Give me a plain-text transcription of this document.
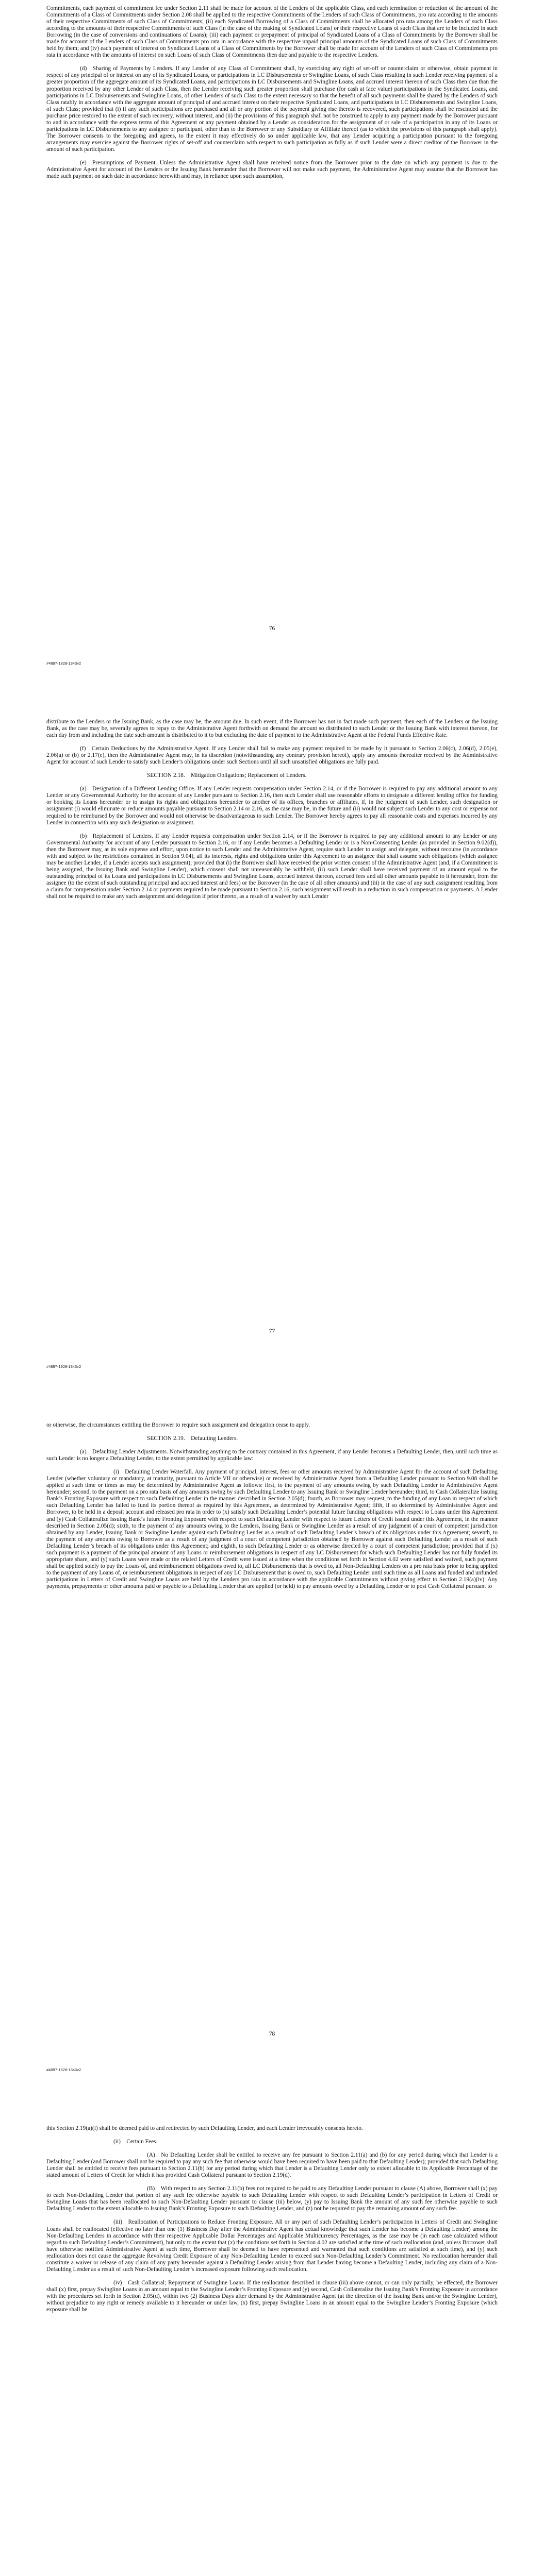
Commitments, each payment of commitment fee under Section 2.11 shall be made for account of the Lenders of the applicable Class, and each termination or reduction of the amount of the Commitments of a Class of Commitments under Section 2.08 shall be applied to the respective Commitments of the Lenders of such Class of Commitments, pro rata according to the amounts of their respective Commitments of such Class of Commitments; (ii) each Syndicated Borrowing of a Class of Commitments shall be allocated pro rata among the Lenders of such Class according to the amounts of their respective Commitments of such Class (in the case of the making of Syndicated Loans) or their respective Loans of such Class that are to be included in such Borrowing (in the case of conversions and continuations of Loans); (iii) each payment or prepayment of principal of Syndicated Loans of a Class of Commitments by the Borrower shall be made for account of the Lenders of such Class of Commitments pro rata in accordance with the respective unpaid principal amounts of the Syndicated Loans of such Class of Commitments held by them; and (iv) each payment of interest on Syndicated Loans of a Class of Commitments by the Borrower shall be made for account of the Lenders of such Class of Commitments pro rata in accordance with the amounts of interest on such Loans of such Class of Commitments then due and payable to the respective Lenders.

(d) Sharing of Payments by Lenders. If any Lender of any Class of Commitment shall, by exercising any right of set-off or counterclaim or otherwise, obtain payment in respect of any principal of or interest on any of its Syndicated Loans, or participations in LC Disbursements or Swingline Loans, of such Class resulting in such Lender receiving payment of a greater proportion of the aggregate amount of its Syndicated Loans, and participations in LC Disbursements and Swingline Loans, and accrued interest thereon of such Class then due than the proportion received by any other Lender of such Class, then the Lender receiving such greater proportion shall purchase (for cash at face value) participations in the Syndicated Loans, and participations in LC Disbursements and Swingline Loans, of other Lenders of such Class to the extent necessary so that the benefit of all such payments shall be shared by the Lenders of such Class ratably in accordance with the aggregate amount of principal of and accrued interest on their respective Syndicated Loans, and participations in LC Disbursements and Swingline Loans, of such Class; provided that (i) if any such participations are purchased and all or any portion of the payment giving rise thereto is recovered, such participations shall be rescinded and the purchase price restored to the extent of such recovery, without interest, and (ii) the provisions of this paragraph shall not be construed to apply to any payment made by the Borrower pursuant to and in accordance with the express terms of this Agreement or any payment obtained by a Lender as consideration for the assignment of or sale of a participation in any of its Loans or participations in LC Disbursements to any assignee or participant, other than to the Borrower or any Subsidiary or Affiliate thereof (as to which the provisions of this paragraph shall apply). The Borrower consents to the foregoing and agrees, to the extent it may effectively do so under applicable law, that any Lender acquiring a participation pursuant to the foregoing arrangements may exercise against the Borrower rights of set-off and counterclaim with respect to such participation as fully as if such Lender were a direct creditor of the Borrower in the amount of such participation.

(e) Presumptions of Payment. Unless the Administrative Agent shall have received notice from the Borrower prior to the date on which any payment is due to the Administrative Agent for account of the Lenders or the Issuing Bank hereunder that the Borrower will not make such payment, the Administrative Agent may assume that the Borrower has made such payment on such date in accordance herewith and may, in reliance upon such assumption,

76
#4897-1928-1343v2

distribute to the Lenders or the Issuing Bank, as the case may be, the amount due. In such event, if the Borrower has not in fact made such payment, then each of the Lenders or the Issuing Bank, as the case may be, severally agrees to repay to the Administrative Agent forthwith on demand the amount so distributed to such Lender or the Issuing Bank with interest thereon, for each day from and including the date such amount is distributed to it to but excluding the date of payment to the Administrative Agent at the Federal Funds Effective Rate.

(f) Certain Deductions by the Administrative Agent. If any Lender shall fail to make any payment required to be made by it pursuant to Section 2.06(c), 2.06(d), 2.05(e), 2.06(a) or (b) or 2.17(e), then the Administrative Agent may, in its discretion (notwithstanding any contrary provision hereof), apply any amounts thereafter received by the Administrative Agent for account of such Lender to satisfy such Lender’s obligations under such Sections until all such unsatisfied obligations are fully paid.

SECTION 2.18. Mitigation Obligations; Replacement of Lenders.

(a) Designation of a Different Lending Office. If any Lender requests compensation under Section 2.14, or if the Borrower is required to pay any additional amount to any Lender or any Governmental Authority for the account of any Lender pursuant to Section 2.16, then such Lender shall use reasonable efforts to designate a different lending office for funding or booking its Loans hereunder or to assign its rights and obligations hereunder to another of its offices, branches or affiliates, if, in the judgment of such Lender, such designation or assignment (i) would eliminate or reduce amounts payable pursuant to Section 2.14 or 2.16, as the case may be, in the future and (ii) would not subject such Lender to any cost or expense not required to be reimbursed by the Borrower and would not otherwise be disadvantageous to such Lender. The Borrower hereby agrees to pay all reasonable costs and expenses incurred by any Lender in connection with any such designation or assignment.

(b) Replacement of Lenders. If any Lender requests compensation under Section 2.14, or if the Borrower is required to pay any additional amount to any Lender or any Governmental Authority for account of any Lender pursuant to Section 2.16, or if any Lender becomes a Defaulting Lender or is a Non-Consenting Lender (as provided in Section 9.02(d)), then the Borrower may, at its sole expense and effort, upon notice to such Lender and the Administrative Agent, require such Lender to assign and delegate, without recourse (in accordance with and subject to the restrictions contained in Section 9.04), all its interests, rights and obligations under this Agreement to an assignee that shall assume such obligations (which assignee may be another Lender, if a Lender accepts such assignment); provided that (i) the Borrower shall have received the prior written consent of the Administrative Agent (and, if a Commitment is being assigned, the Issuing Bank and Swingline Lender), which consent shall not unreasonably be withheld, (ii) such Lender shall have received payment of an amount equal to the outstanding principal of its Loans and participations in LC Disbursements and Swingline Loans, accrued interest thereon, accrued fees and all other amounts payable to it hereunder, from the assignee (to the extent of such outstanding principal and accrued interest and fees) or the Borrower (in the case of all other amounts) and (iii) in the case of any such assignment resulting from a claim for compensation under Section 2.14 or payments required to be made pursuant to Section 2.16, such assignment will result in a reduction in such compensation or payments. A Lender shall not be required to make any such assignment and delegation if prior thereto, as a result of a waiver by such Lender

77
#4897-1928-1343v2

or otherwise, the circumstances entitling the Borrower to require such assignment and delegation cease to apply.

SECTION 2.19. Defaulting Lenders.

(a) Defaulting Lender Adjustments. Notwithstanding anything to the contrary contained in this Agreement, if any Lender becomes a Defaulting Lender, then, until such time as such Lender is no longer a Defaulting Lender, to the extent permitted by applicable law:

(i) Defaulting Lender Waterfall. Any payment of principal, interest, fees or other amounts received by Administrative Agent for the account of such Defaulting Lender (whether voluntary or mandatory, at maturity, pursuant to Article VII or otherwise) or received by Administrative Agent from a Defaulting Lender pursuant to Section 9.08 shall be applied at such time or times as may be determined by Administrative Agent as follows: first, to the payment of any amounts owing by such Defaulting Lender to Administrative Agent hereunder; second, to the payment on a pro rata basis of any amounts owing by such Defaulting Lender to any Issuing Bank or Swingline Lender hereunder; third, to Cash Collateralize Issuing Bank’s Fronting Exposure with respect to such Defaulting Lender in the manner described in Section 2.05(d); fourth, as Borrower may request, to the funding of any Loan in respect of which such Defaulting Lender has failed to fund its portion thereof as required by this Agreement, as determined by Administrative Agent; fifth, if so determined by Administrative Agent and Borrower, to be held in a deposit account and released pro rata in order to (x) satisfy such Defaulting Lender’s potential future funding obligations with respect to Loans under this Agreement and (y) Cash Collateralize Issuing Bank’s future Fronting Exposure with respect to such Defaulting Lender with respect to future Letters of Credit issued under this Agreement, in the manner described in Section 2.05(d); sixth, to the payment of any amounts owing to the Lenders, Issuing Bank or Swingline Lender as a result of any judgment of a court of competent jurisdiction obtained by any Lender, Issuing Bank or Swingline Lender against such Defaulting Lender as a result of such Defaulting Lender’s breach of its obligations under this Agreement; seventh, to the payment of any amounts owing to Borrower as a result of any judgment of a court of competent jurisdiction obtained by Borrower against such Defaulting Lender as a result of such Defaulting Lender’s breach of its obligations under this Agreement; and eighth, to such Defaulting Lender or as otherwise directed by a court of competent jurisdiction; provided that if (x) such payment is a payment of the principal amount of any Loans or reimbursement obligations in respect of any LC Disbursement for which such Defaulting Lender has not fully funded its appropriate share, and (y) such Loans were made or the related Letters of Credit were issued at a time when the conditions set forth in Section 4.02 were satisfied and waived, such payment shall be applied solely to pay the Loans of, and reimbursement obligations owed to, all LC Disbursements that is owed to, all Non-Defaulting Lenders on a pro rata basis prior to being applied to the payment of any Loans of, or reimbursement obligations in respect of any LC Disbursement that is owed to, such Defaulting Lender until such time as all Loans and funded and unfunded participations in Letters of Credit and Swingline Loans are held by the Lenders pro rata in accordance with the applicable Commitments without giving effect to Section 2.19(a)(iv). Any payments, prepayments or other amounts paid or payable to a Defaulting Lender that are applied (or held) to pay amounts owed by a Defaulting Lender or to post Cash Collateral pursuant to

78
#4897-1928-1343v2

this Section 2.19(a)(i) shall be deemed paid to and redirected by such Defaulting Lender, and each Lender irrevocably consents hereto.

(ii) Certain Fees.

(A) No Defaulting Lender shall be entitled to receive any fee pursuant to Section 2.11(a) and (b) for any period during which that Lender is a Defaulting Lender (and Borrower shall not be required to pay any such fee that otherwise would have been required to have been paid to that Defaulting Lender); provided that such Defaulting Lender shall be entitled to receive fees pursuant to Section 2.11(b) for any period during which that Lender is a Defaulting Lender only to extent allocable to its Applicable Percentage of the stated amount of Letters of Credit for which it has provided Cash Collateral pursuant to Section 2.19(d).

(B) With respect to any Section 2.11(b) fees not required to be paid to any Defaulting Lender pursuant to clause (A) above, Borrower shall (x) pay to each Non-Defaulting Lender that portion of any such fee otherwise payable to such Defaulting Lender with respect to such Defaulting Lender’s participation in Letters of Credit or Swingline Loans that has been reallocated to such Non-Defaulting Lender pursuant to clause (iii) below, (y) pay to Issuing Bank the amount of any such fee otherwise payable to such Defaulting Lender to the extent allocable to Issuing Bank’s Fronting Exposure to such Defaulting Lender, and (z) not be required to pay the remaining amount of any such fee.

(iii) Reallocation of Participations to Reduce Fronting Exposure. All or any part of such Defaulting Lender’s participation in Letters of Credit and Swingline Loans shall be reallocated (effective no later than one (1) Business Day after the Administrative Agent has actual knowledge that such Lender has become a Defaulting Lender) among the Non-Defaulting Lenders in accordance with their respective Applicable Dollar Percentages and Applicable Multicurrency Percentages, as the case may be (in each case calculated without regard to such Defaulting Lender’s Commitment), but only to the extent that (x) the conditions set forth in Section 4.02 are satisfied at the time of such reallocation (and, unless Borrower shall have otherwise notified Administrative Agent at such time, Borrower shall be deemed to have represented and warranted that such conditions are satisfied at such time), and (y) such reallocation does not cause the aggregate Revolving Credit Exposure of any Non-Defaulting Lender to exceed such Non-Defaulting Lender’s Commitment. No reallocation hereunder shall constitute a waiver or release of any claim of any party hereunder against a Defaulting Lender arising from that Lender having become a Defaulting Lender, including any claim of a Non-Defaulting Lender as a result of such Non-Defaulting Lender’s increased exposure following such reallocation.

(iv) Cash Collateral; Repayment of Swingline Loans. If the reallocation described in clause (iii) above cannot, or can only partially, be effected, the Borrower shall (x) first, prepay Swingline Loans in an amount equal to the Swingline Lender’s Fronting Exposure and (y) second, Cash Collateralize the Issuing Bank’s Fronting Exposure in accordance with the procedures set forth in Section 2.05(d), within two (2) Business Days after demand by the Administrative Agent (at the direction of the Issuing Bank and/or the Swingline Lender), without prejudice to any right or remedy available to it hereunder or under law, (x) first, prepay Swingline Loans in an amount equal to the Swingline Lender’s Fronting Exposure (which exposure shall be
